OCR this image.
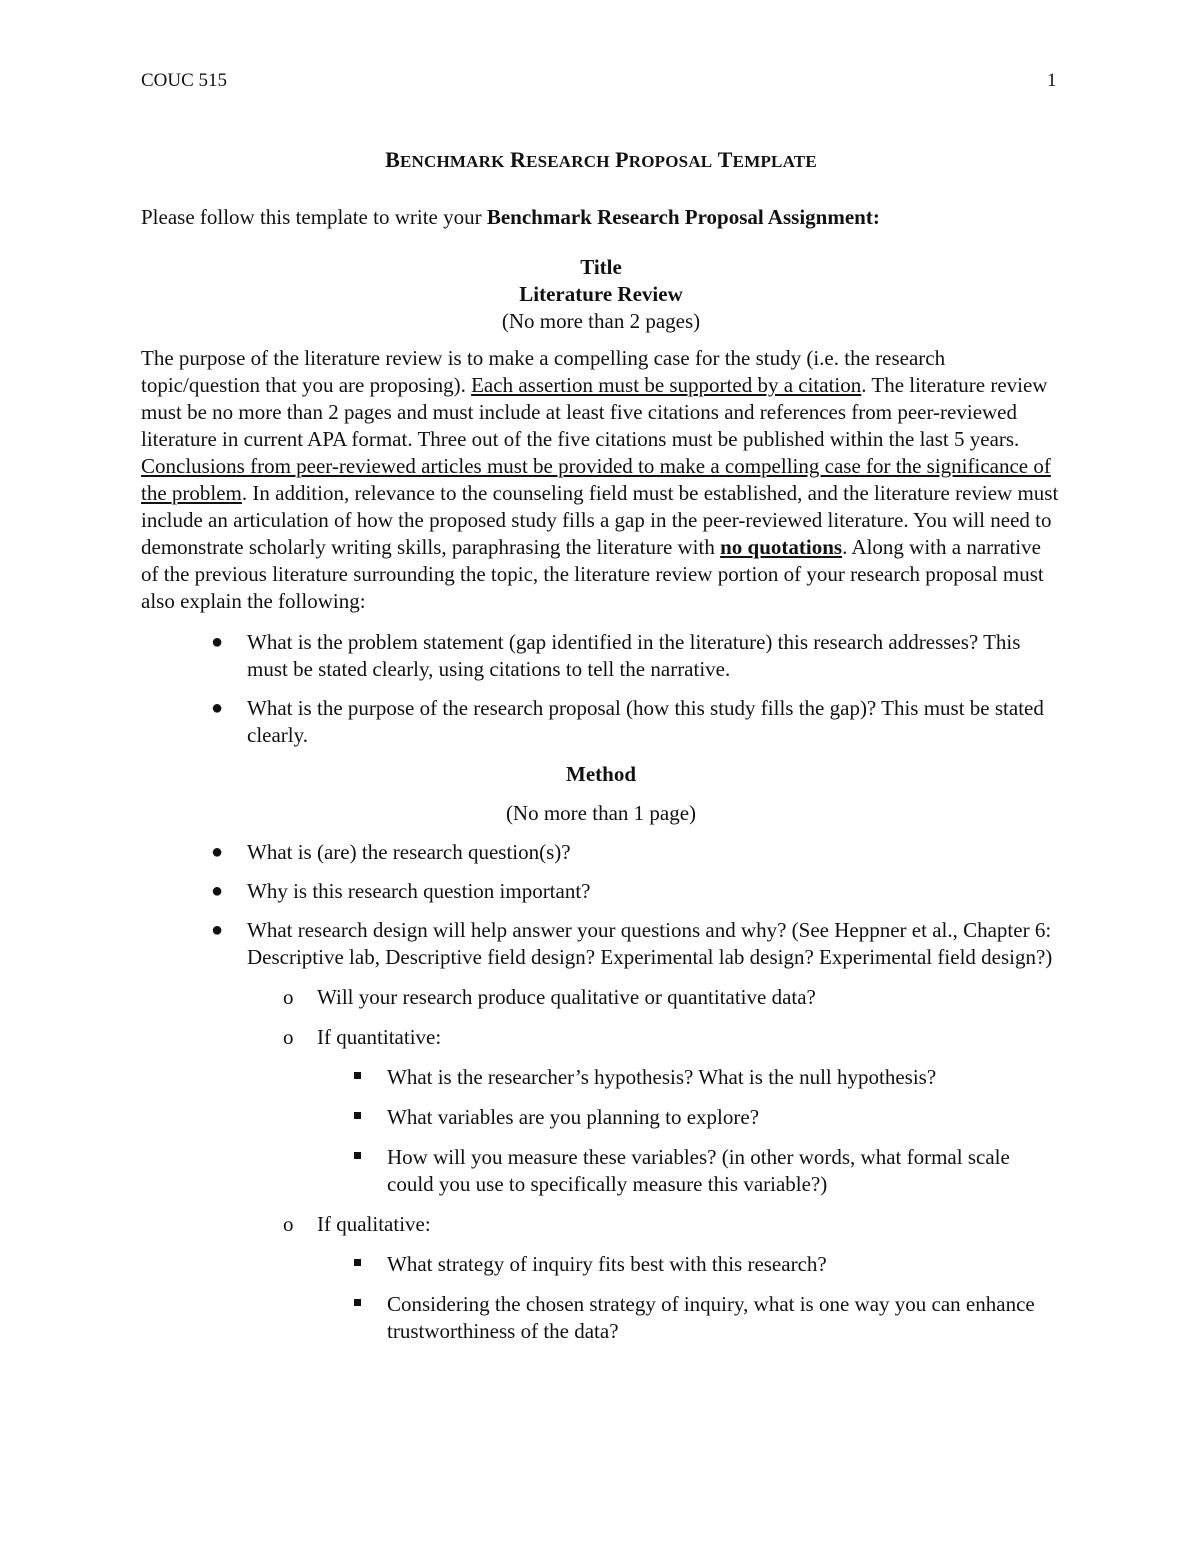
COUC 515	1
BENCHMARK RESEARCH PROPOSAL TEMPLATE
Please follow this template to write your Benchmark Research Proposal Assignment:
Title
Literature Review
(No more than 2 pages)
The purpose of the literature review is to make a compelling case for the study (i.e. the research topic/question that you are proposing). Each assertion must be supported by a citation. The literature review must be no more than 2 pages and must include at least five citations and references from peer-reviewed literature in current APA format. Three out of the five citations must be published within the last 5 years. Conclusions from peer-reviewed articles must be provided to make a compelling case for the significance of the problem. In addition, relevance to the counseling field must be established, and the literature review must include an articulation of how the proposed study fills a gap in the peer-reviewed literature. You will need to demonstrate scholarly writing skills, paraphrasing the literature with no quotations. Along with a narrative of the previous literature surrounding the topic, the literature review portion of your research proposal must also explain the following:
● What is the problem statement (gap identified in the literature) this research addresses? This must be stated clearly, using citations to tell the narrative.
● What is the purpose of the research proposal (how this study fills the gap)? This must be stated clearly.
Method
(No more than 1 page)
● What is (are) the research question(s)?
● Why is this research question important?
● What research design will help answer your questions and why? (See Heppner et al., Chapter 6: Descriptive lab, Descriptive field design? Experimental lab design? Experimental field design?)
o Will your research produce qualitative or quantitative data?
o If quantitative:
What is the researcher’s hypothesis? What is the null hypothesis?
What variables are you planning to explore?
How will you measure these variables? (in other words, what formal scale could you use to specifically measure this variable?)
o If qualitative:
What strategy of inquiry fits best with this research?
Considering the chosen strategy of inquiry, what is one way you can enhance trustworthiness of the data?
